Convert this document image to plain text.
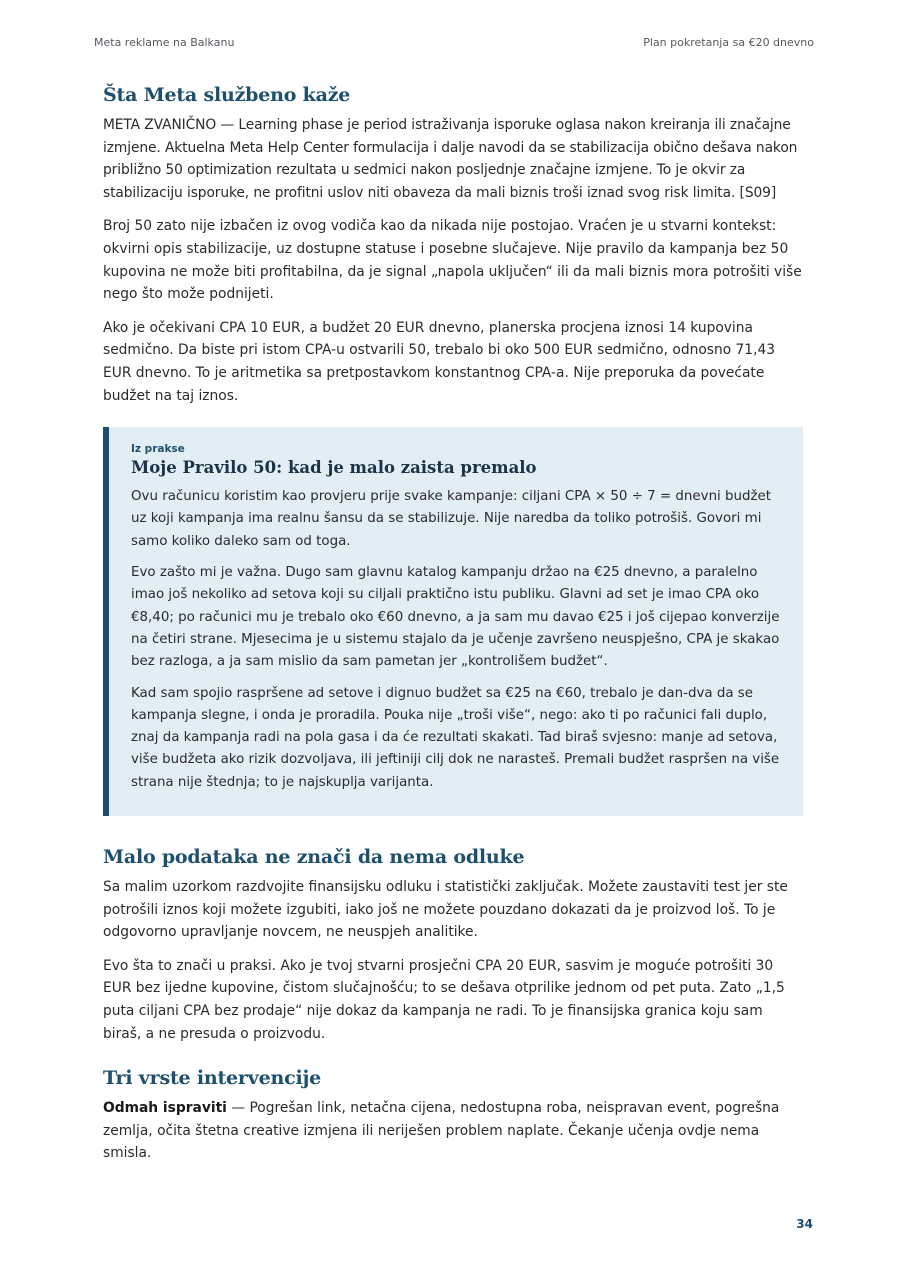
Meta reklame na Balkanu	Plan pokretanja sa €20 dnevno
Šta Meta službeno kaže

META ZVANIČNO — Learning phase je period istraživanja isporuke oglasa nakon kreiranja ili značajne izmjene. Aktuelna Meta Help Center formulacija i dalje navodi da se stabilizacija obično dešava nakon približno 50 optimization rezultata u sedmici nakon posljednje značajne izmjene. To je okvir za stabilizaciju isporuke, ne profitni uslov niti obaveza da mali biznis troši iznad svog risk limita. [S09]

Broj 50 zato nije izbačen iz ovog vodiča kao da nikada nije postojao. Vraćen je u stvarni kontekst: okvirni opis stabilizacije, uz dostupne statuse i posebne slučajeve. Nije pravilo da kampanja bez 50 kupovina ne može biti profitabilna, da je signal „napola uključen“ ili da mali biznis mora potrošiti više nego što može podnijeti.

Ako je očekivani CPA 10 EUR, a budžet 20 EUR dnevno, planerska procjena iznosi 14 kupovina sedmično. Da biste pri istom CPA-u ostvarili 50, trebalo bi oko 500 EUR sedmično, odnosno 71,43 EUR dnevno. To je aritmetika sa pretpostavkom konstantnog CPA-a. Nije preporuka da povećate budžet na taj iznos.

Iz prakse
Moje Pravilo 50: kad je malo zaista premalo

Ovu računicu koristim kao provjeru prije svake kampanje: ciljani CPA × 50 ÷ 7 = dnevni budžet uz koji kampanja ima realnu šansu da se stabilizuje. Nije naredba da toliko potrošiš. Govori mi samo koliko daleko sam od toga.

Evo zašto mi je važna. Dugo sam glavnu katalog kampanju držao na €25 dnevno, a paralelno imao još nekoliko ad setova koji su ciljali praktično istu publiku. Glavni ad set je imao CPA oko €8,40; po računici mu je trebalo oko €60 dnevno, a ja sam mu davao €25 i još cijepao konverzije na četiri strane. Mjesecima je u sistemu stajalo da je učenje završeno neuspješno, CPA je skakao bez razloga, a ja sam mislio da sam pametan jer „kontrolišem budžet“.

Kad sam spojio raspršene ad setove i dignuo budžet sa €25 na €60, trebalo je dan-dva da se kampanja slegne, i onda je proradila. Pouka nije „troši više“, nego: ako ti po računici fali duplo, znaj da kampanja radi na pola gasa i da će rezultati skakati. Tad biraš svjesno: manje ad setova, više budžeta ako rizik dozvoljava, ili jeftiniji cilj dok ne narasteš. Premali budžet raspršen na više strana nije štednja; to je najskuplja varijanta.

Malo podataka ne znači da nema odluke

Sa malim uzorkom razdvojite finansijsku odluku i statistički zaključak. Možete zaustaviti test jer ste potrošili iznos koji možete izgubiti, iako još ne možete pouzdano dokazati da je proizvod loš. To je odgovorno upravljanje novcem, ne neuspjeh analitike.

Evo šta to znači u praksi. Ako je tvoj stvarni prosječni CPA 20 EUR, sasvim je moguće potrošiti 30 EUR bez ijedne kupovine, čistom slučajnošću; to se dešava otprilike jednom od pet puta. Zato „1,5 puta ciljani CPA bez prodaje“ nije dokaz da kampanja ne radi. To je finansijska granica koju sam biraš, a ne presuda o proizvodu.

Tri vrste intervencije

Odmah ispraviti — Pogrešan link, netačna cijena, nedostupna roba, neispravan event, pogrešna zemlja, očita štetna creative izmjena ili neriješen problem naplate. Čekanje učenja ovdje nema smisla.

34
